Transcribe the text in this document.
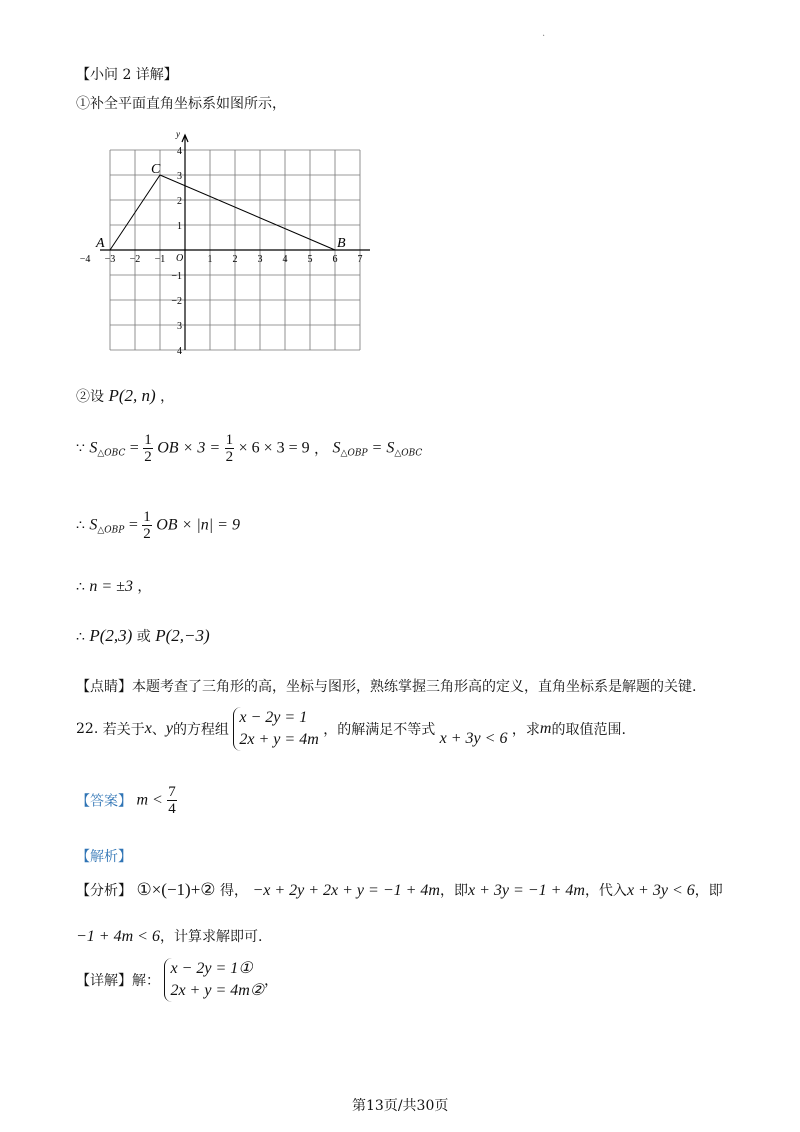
.
【小问 2 详解】
①补全平面直角坐标系如图所示，
y
O
−4 −3 −2 −1	1 2 3 4 5 6 7
4
3
2
1
−1
−2
3
4
A	B
C
②设 P(2, n) ，
∵ $S_{\triangle OBC} = \frac{1}{2}$ OB × $3 = \frac{1}{2} \times 6 \times 3 = 9$ ， $S_{\triangle OBP} = S_{\triangle OBC}$
∴ $S_{\triangle OBP} = \frac{1}{2}$ OB × |n| = 9
∴ n = ±3 ，
∴ P(2,3) 或 P(2,−3)
【点睛】本题考查了三角形的高，坐标与图形，熟练掌握三角形高的定义，直角坐标系是解题的关键.
22. 若关于x、y的方程组
x − 2y = 1
2x + y = 4m
，的解满足不等式 x + 3y < 6 ，求m的取值范围.
【答案】 $m < \frac{7}{4}$
【解析】
【分析】 ①×(−1)+② 得， −x + 2y + 2x + y = −1 + 4m，即x + 3y = −1 + 4m，代入x + 3y < 6，即
−1 + 4m < 6，计算求解即可.
【详解】解：
x − 2y = 1①
2x + y = 4m②
，
第13页/共30页
